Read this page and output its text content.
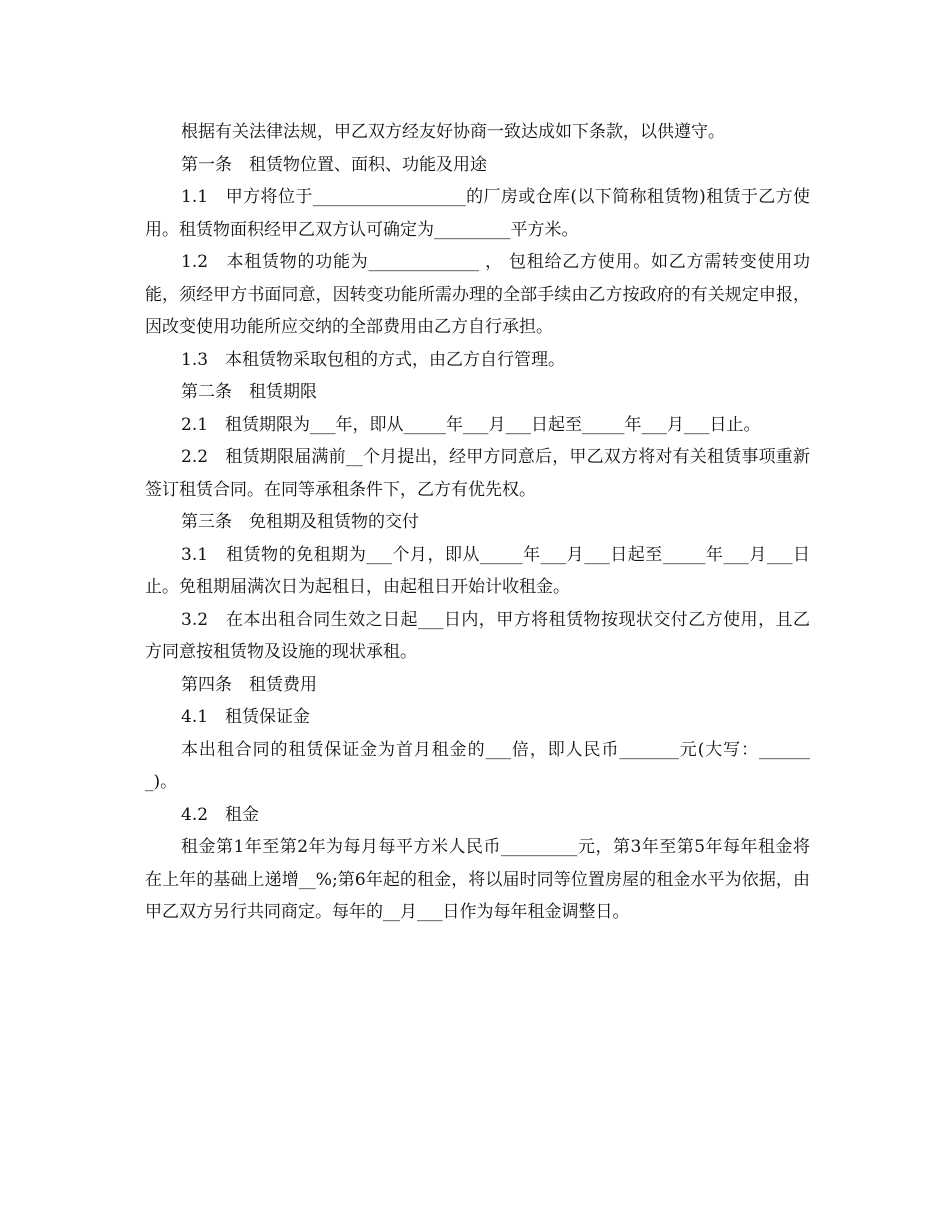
根据有关法律法规，甲乙双方经友好协商一致达成如下条款，以供遵守。

第一条　租赁物位置、面积、功能及用途

1.1　甲方将位于__________________的厂房或仓库(以下简称租赁物)租赁于乙方使用。租赁物面积经甲乙双方认可确定为_________平方米。

1.2　本租赁物的功能为_____________ ， 包租给乙方使用。如乙方需转变使用功能，须经甲方书面同意，因转变功能所需办理的全部手续由乙方按政府的有关规定申报，因改变使用功能所应交纳的全部费用由乙方自行承担。

1.3　本租赁物采取包租的方式，由乙方自行管理。

第二条　租赁期限

2.1　租赁期限为___年，即从_____年___月___日起至_____年___月___日止。

2.2　租赁期限届满前__个月提出，经甲方同意后，甲乙双方将对有关租赁事项重新签订租赁合同。在同等承租条件下，乙方有优先权。

第三条　免租期及租赁物的交付

3.1　租赁物的免租期为___个月，即从_____年___月___日起至_____年___月___日止。免租期届满次日为起租日，由起租日开始计收租金。

3.2　在本出租合同生效之日起___日内，甲方将租赁物按现状交付乙方使用，且乙方同意按租赁物及设施的现状承租。

第四条　租赁费用

4.1　租赁保证金

本出租合同的租赁保证金为首月租金的___倍，即人民币_______元(大写：_______)。

4.2　租金

租金第1年至第2年为每月每平方米人民币_________元，第3年至第5年每年租金将在上年的基础上递增__%;第6年起的租金，将以届时同等位置房屋的租金水平为依据，由甲乙双方另行共同商定。每年的__月___日作为每年租金调整日。
